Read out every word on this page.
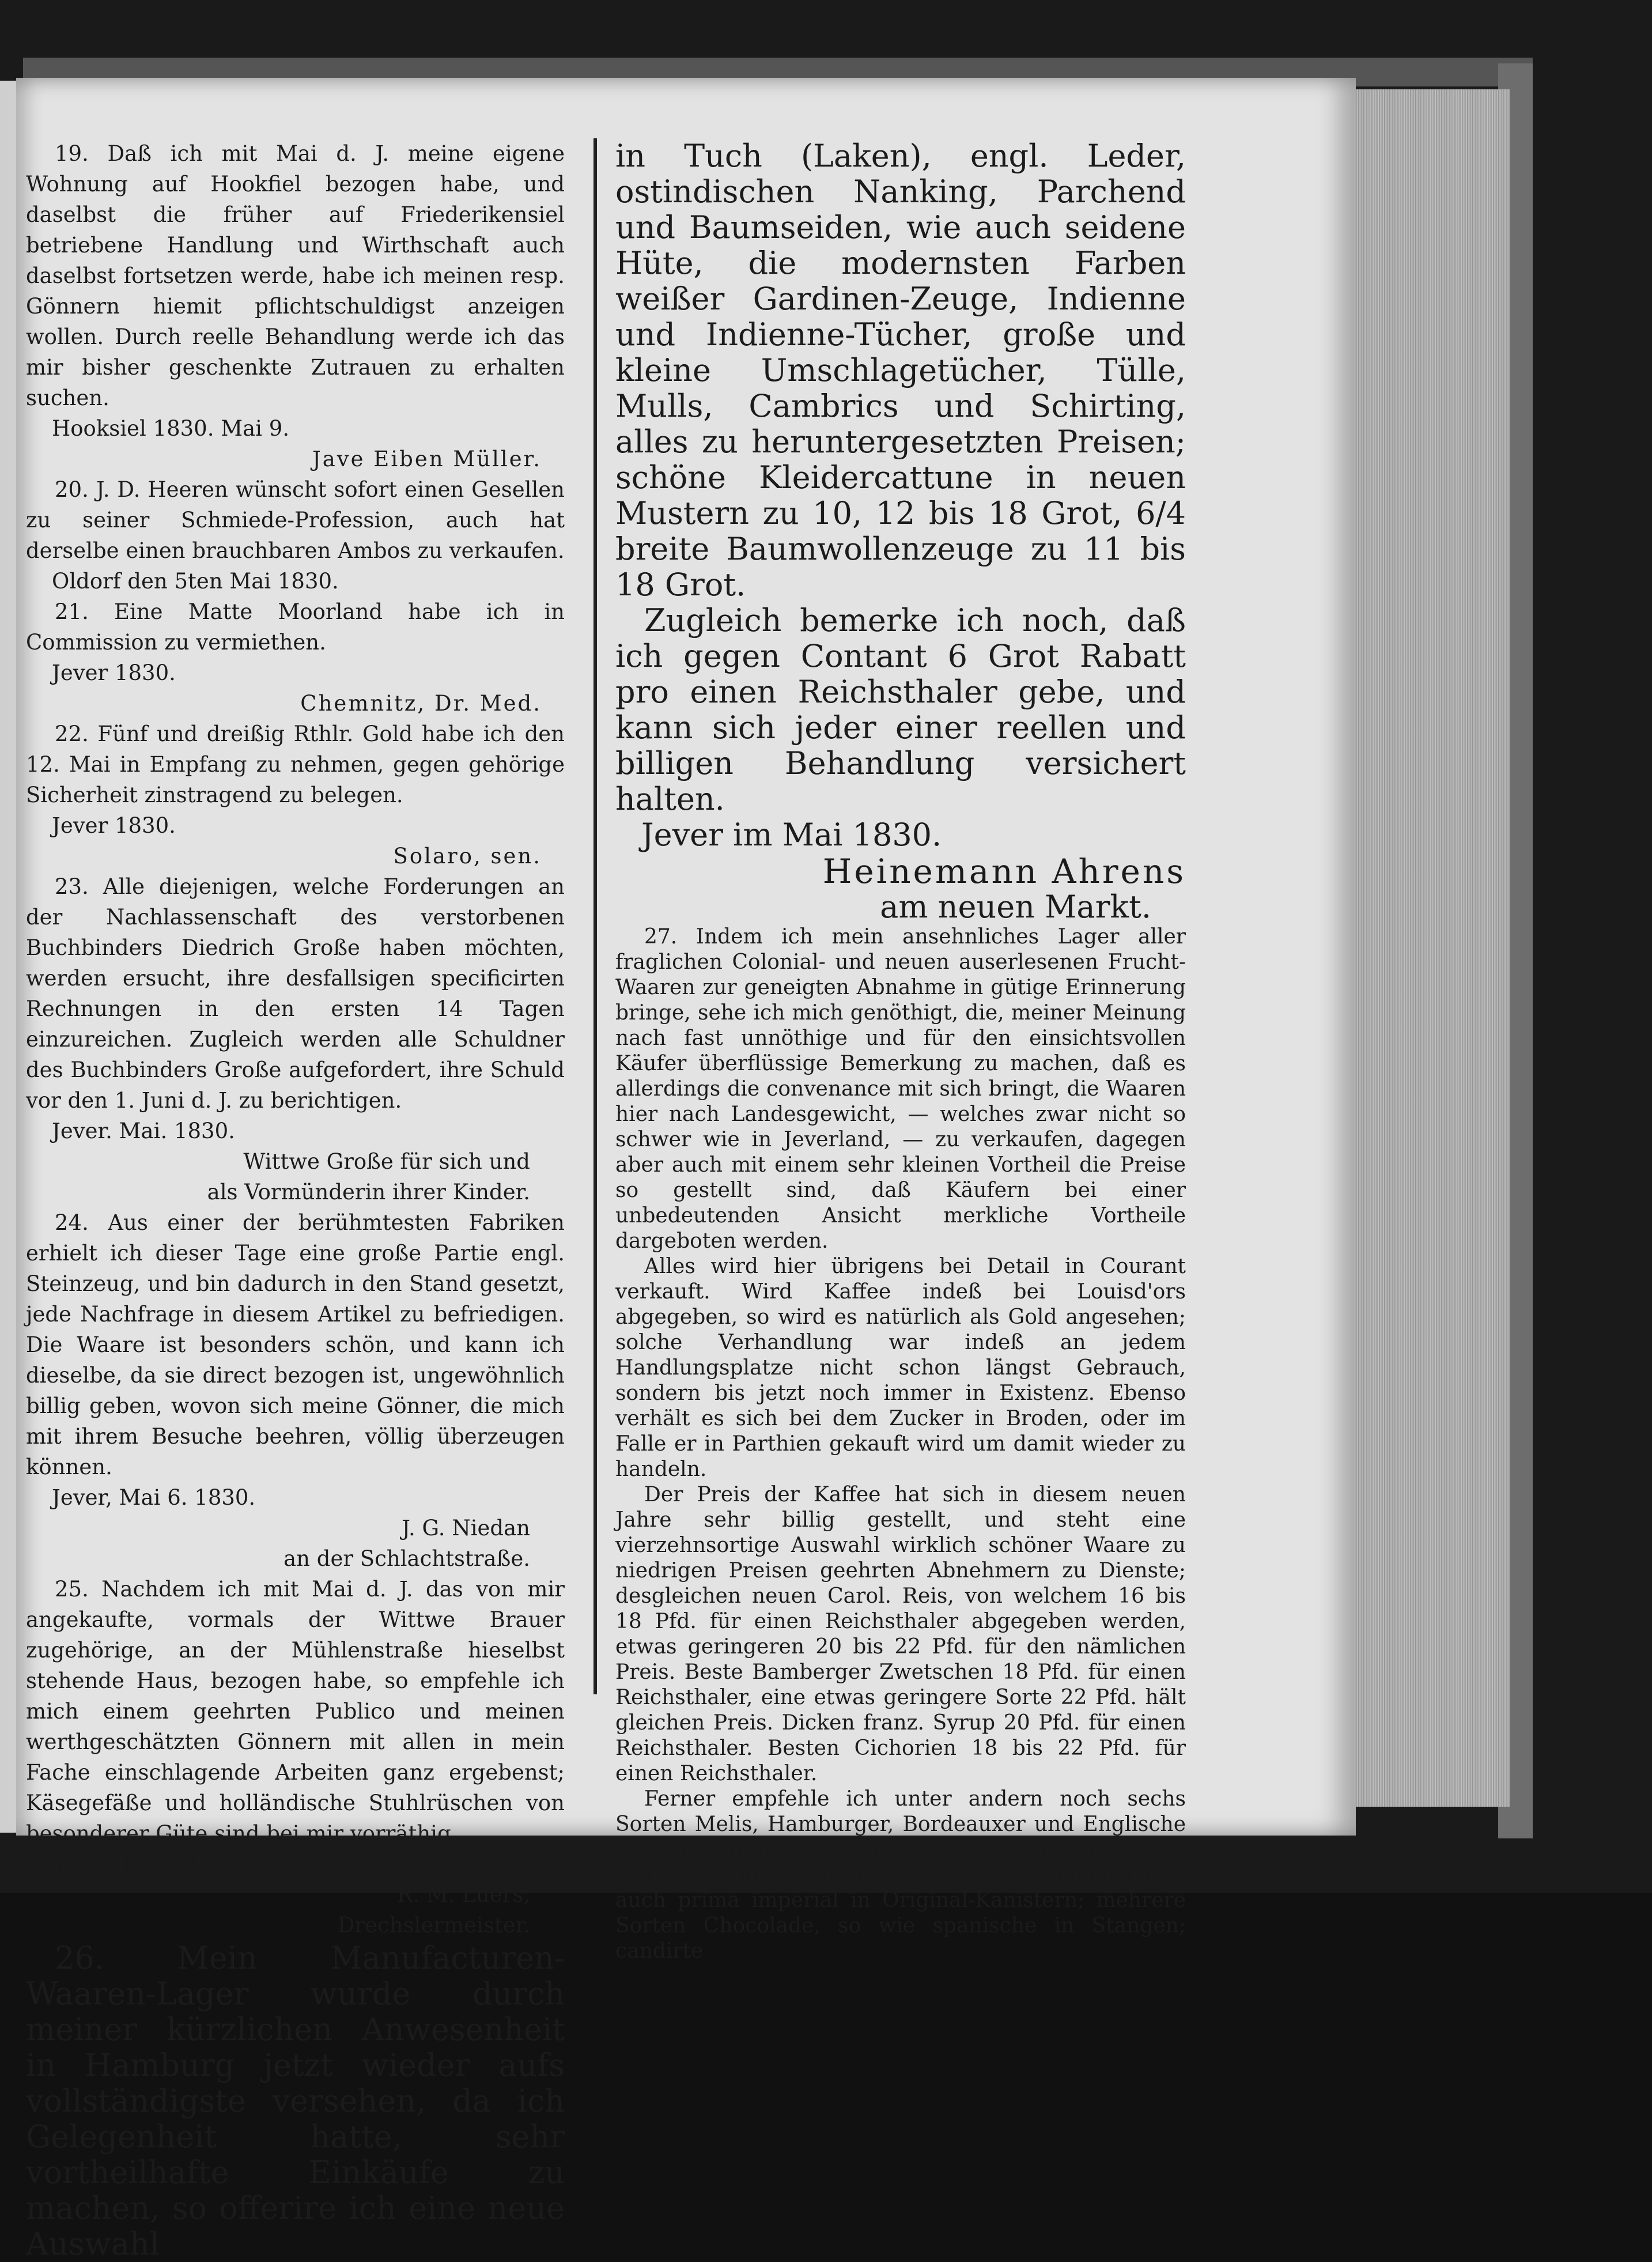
19. Daß ich mit Mai d. J. meine eigene Wohnung auf Hookfiel bezogen habe, und daselbst die früher auf Friederikensiel betriebene Handlung und Wirthschaft auch daselbst fortsetzen werde, habe ich meinen resp. Gönnern hiemit pflichtschuldigst anzeigen wollen. Durch reelle Behandlung werde ich das mir bisher geschenkte Zutrauen zu erhalten suchen.

Hooksiel 1830. Mai 9.

Jave Eiben Müller.

20. J. D. Heeren wünscht sofort einen Gesellen zu seiner Schmiede-Profession, auch hat derselbe einen brauchbaren Ambos zu verkaufen.

Oldorf den 5ten Mai 1830.

21. Eine Matte Moorland habe ich in Commission zu vermiethen.

Jever 1830.

Chemnitz, Dr. Med.

22. Fünf und dreißig Rthlr. Gold habe ich den 12. Mai in Empfang zu nehmen, gegen gehörige Sicherheit zinstragend zu belegen.

Jever 1830.

Solaro, sen.

23. Alle diejenigen, welche Forderungen an der Nachlassenschaft des verstorbenen Buchbinders Diedrich Große haben möchten, werden ersucht, ihre desfallsigen specificirten Rechnungen in den ersten 14 Tagen einzureichen. Zugleich werden alle Schuldner des Buchbinders Große aufgefordert, ihre Schuld vor den 1. Juni d. J. zu berichtigen.

Jever. Mai. 1830.

Wittwe Große für sich und

als Vormünderin ihrer Kinder.

24. Aus einer der berühmtesten Fabriken erhielt ich dieser Tage eine große Partie engl. Steinzeug, und bin dadurch in den Stand gesetzt, jede Nachfrage in diesem Artikel zu befriedigen. Die Waare ist besonders schön, und kann ich dieselbe, da sie direct bezogen ist, ungewöhnlich billig geben, wovon sich meine Gönner, die mich mit ihrem Besuche beehren, völlig überzeugen können.

Jever, Mai 6. 1830.

J. G. Niedan

an der Schlachtstraße.

25. Nachdem ich mit Mai d. J. das von mir angekaufte, vormals der Wittwe Brauer zugehörige, an der Mühlenstraße hieselbst stehende Haus, bezogen habe, so empfehle ich mich einem geehrten Publico und meinen werthgeschätzten Gönnern mit allen in mein Fache einschlagende Arbeiten ganz ergebenst; Käsegefäße und holländische Stuhlrüschen von besonderer Güte sind bei mir vorräthig.

Jever 1830. Mai 4.

R. M. Lüers,

Drechslermeister.

26. Mein Manufacturen-Waaren-Lager wurde durch meiner kürzlichen Anwesenheit in Hamburg jetzt wieder aufs vollständigste versehen, da ich Gelegenheit hatte, sehr vortheilhafte Einkäufe zu machen, so offerire ich eine neue Auswahl

in Tuch (Laken), engl. Leder, ostindischen Nanking, Parchend und Baumseiden, wie auch seidene Hüte, die modernsten Farben weißer Gardinen-Zeuge, Indienne und Indienne-Tücher, große und kleine Umschlagetücher, Tülle, Mulls, Cambrics und Schirting, alles zu heruntergesetzten Preisen; schöne Kleidercattune in neuen Mustern zu 10, 12 bis 18 Grot, 6/4 breite Baumwollenzeuge zu 11 bis 18 Grot.

Zugleich bemerke ich noch, daß ich gegen Contant 6 Grot Rabatt pro einen Reichsthaler gebe, und kann sich jeder einer reellen und billigen Behandlung versichert halten.

Jever im Mai 1830.

Heinemann Ahrens

am neuen Markt.

27. Indem ich mein ansehnliches Lager aller fraglichen Colonial- und neuen auserlesenen Frucht-Waaren zur geneigten Abnahme in gütige Erinnerung bringe, sehe ich mich genöthigt, die, meiner Meinung nach fast unnöthige und für den einsichtsvollen Käufer überflüssige Bemerkung zu machen, daß es allerdings die convenance mit sich bringt, die Waaren hier nach Landesgewicht, — welches zwar nicht so schwer wie in Jeverland, — zu verkaufen, dagegen aber auch mit einem sehr kleinen Vortheil die Preise so gestellt sind, daß Käufern bei einer unbedeutenden Ansicht merkliche Vortheile dargeboten werden.

Alles wird hier übrigens bei Detail in Courant verkauft. Wird Kaffee indeß bei Louisd'ors abgegeben, so wird es natürlich als Gold angesehen; solche Verhandlung war indeß an jedem Handlungsplatze nicht schon längst Gebrauch, sondern bis jetzt noch immer in Existenz. Ebenso verhält es sich bei dem Zucker in Broden, oder im Falle er in Parthien gekauft wird um damit wieder zu handeln.

Der Preis der Kaffee hat sich in diesem neuen Jahre sehr billig gestellt, und steht eine vierzehnsortige Auswahl wirklich schöner Waare zu niedrigen Preisen geehrten Abnehmern zu Dienste; desgleichen neuen Carol. Reis, von welchem 16 bis 18 Pfd. für einen Reichsthaler abgegeben werden, etwas geringeren 20 bis 22 Pfd. für den nämlichen Preis. Beste Bamberger Zwetschen 18 Pfd. für einen Reichsthaler, eine etwas geringere Sorte 22 Pfd. hält gleichen Preis. Dicken franz. Syrup 20 Pfd. für einen Reichsthaler. Besten Cichorien 18 bis 22 Pfd. für einen Reichsthaler.

Ferner empfehle ich unter andern noch sechs Sorten Melis, Hamburger, Bordeauxer und Englische Krystall-Raffinade, weißen, gelben, braunen und braunen ordinären Candis; zehn Sorten feinen Thee, auch prima imperial in Original-Kanistern; mehrere Sorten Chocolade, so wie spanische in Stangen; candirte
